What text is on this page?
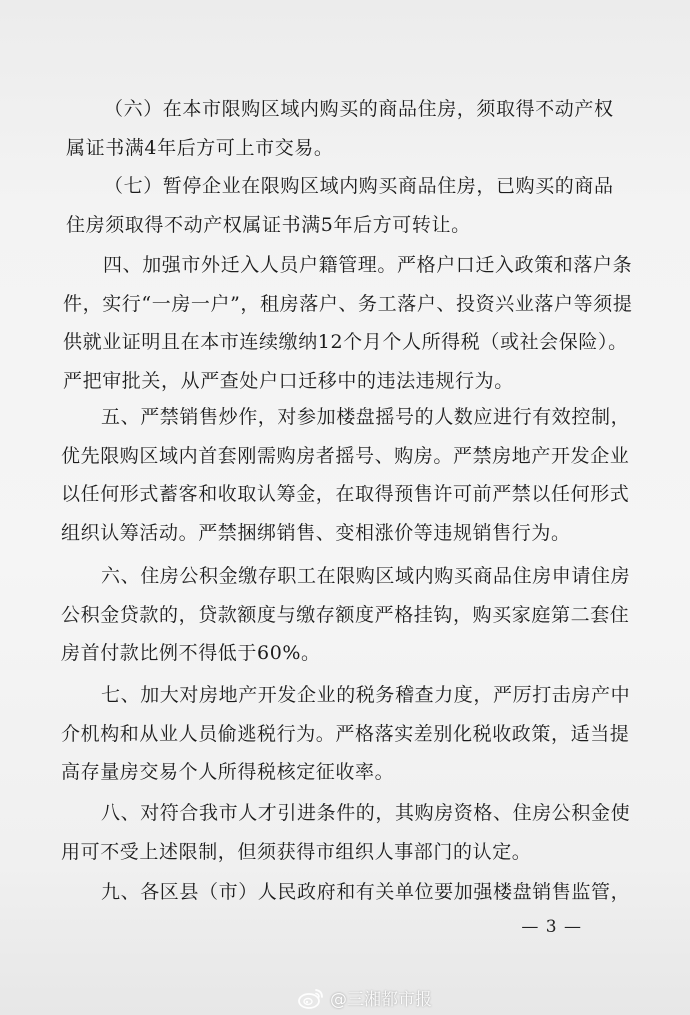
（六）在本市限购区域内购买的商品住房，须取得不动产权属证书满4年后方可上市交易。

（七）暂停企业在限购区域内购买商品住房，已购买的商品住房须取得不动产权属证书满5年后方可转让。

四、加强市外迁入人员户籍管理。严格户口迁入政策和落户条件，实行“一房一户”，租房落户、务工落户、投资兴业落户等须提供就业证明且在本市连续缴纳12个月个人所得税（或社会保险）。严把审批关，从严查处户口迁移中的违法违规行为。

五、严禁销售炒作，对参加楼盘摇号的人数应进行有效控制，优先限购区域内首套刚需购房者摇号、购房。严禁房地产开发企业以任何形式蓄客和收取认筹金，在取得预售许可前严禁以任何形式组织认筹活动。严禁捆绑销售、变相涨价等违规销售行为。

六、住房公积金缴存职工在限购区域内购买商品住房申请住房公积金贷款的，贷款额度与缴存额度严格挂钩，购买家庭第二套住房首付款比例不得低于60%。

七、加大对房地产开发企业的税务稽查力度，严厉打击房产中介机构和从业人员偷逃税行为。严格落实差别化税收政策，适当提高存量房交易个人所得税核定征收率。

八、对符合我市人才引进条件的，其购房资格、住房公积金使用可不受上述限制，但须获得市组织人事部门的认定。

九、各区县（市）人民政府和有关单位要加强楼盘销售监管，

— 3 —
@三湘都市报
